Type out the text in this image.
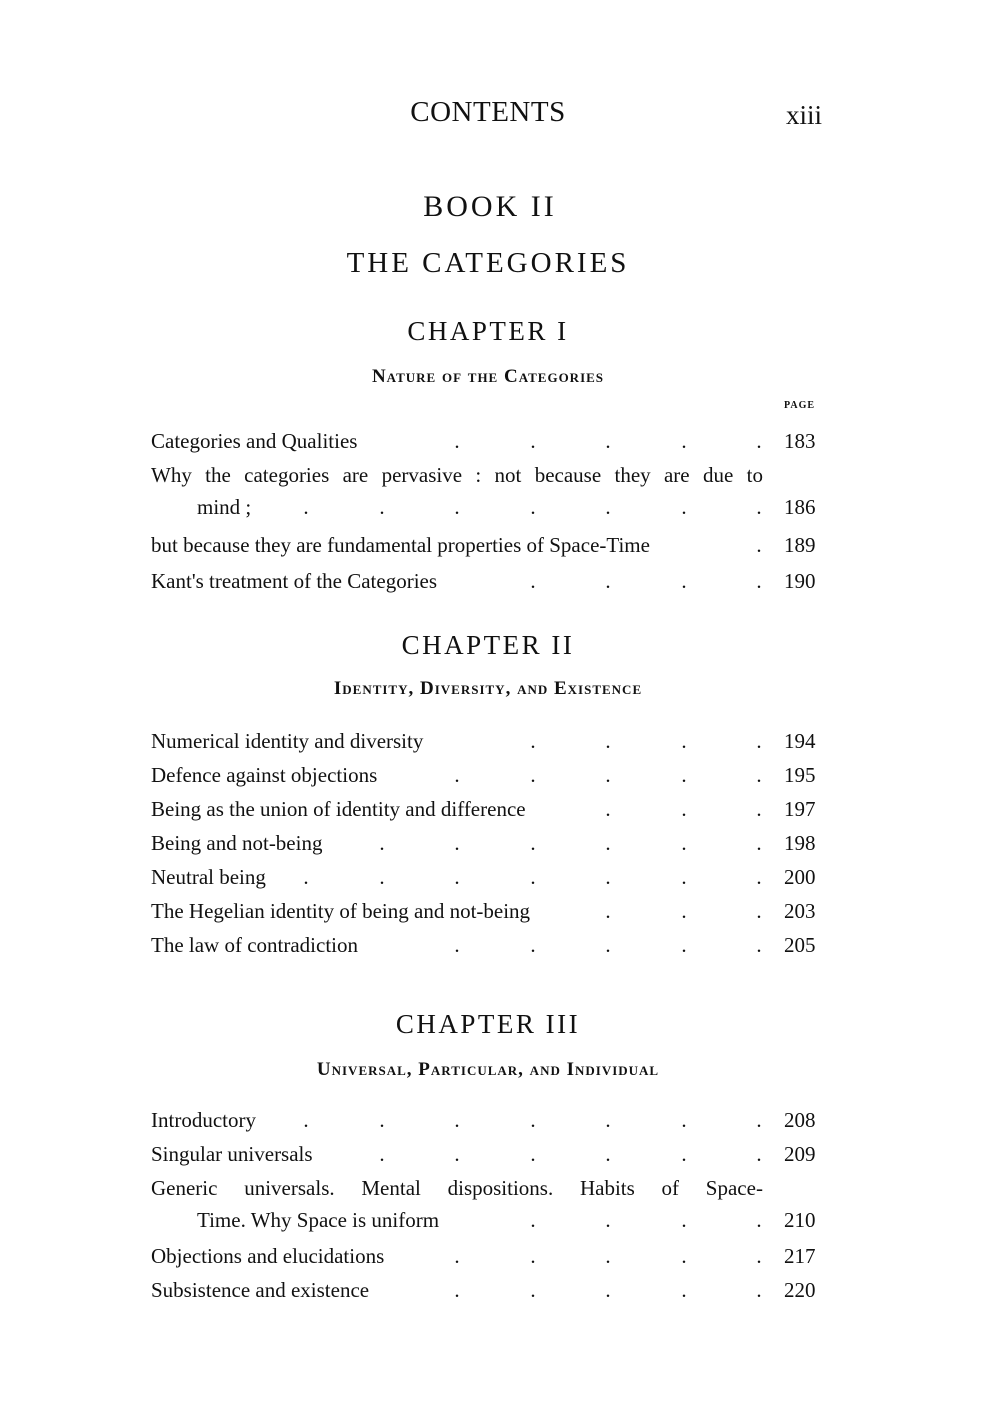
CONTENTS	xiii
BOOK II
THE CATEGORIES
CHAPTER I
Nature of the Categories
PAGE
Categories and Qualities	.	.	.	.	. 183
Why the categories are pervasive : not because they are due to
mind ; .	.	.	.	.	.	. 186
but because they are fundamental properties of Space-Time	. 189
Kant's treatment of the Categories	.	.	.	. 190
CHAPTER II
Identity, Diversity, and Existence
Numerical identity and diversity	.	.	.	. 194
Defence against objections	.	.	.	.	. 195
Being as the union of identity and difference	.	.	. 197
Being and not-being	.	.	.	.	.	. 198
Neutral being .	.	.	.	.	.	. 200
The Hegelian identity of being and not-being	.	.	. 203
The law of contradiction	.	.	.	.	. 205
CHAPTER III
Universal, Particular, and Individual
Introductory .	.	.	.	.	.	. 208
Singular universals	.	.	.	.	.	. 209
Generic universals. Mental dispositions. Habits of Space-
Time. Why Space is uniform	.	.	.	. 210
Objections and elucidations	.	.	.	.	. 217
Subsistence and existence	.	.	.	.	. 220
